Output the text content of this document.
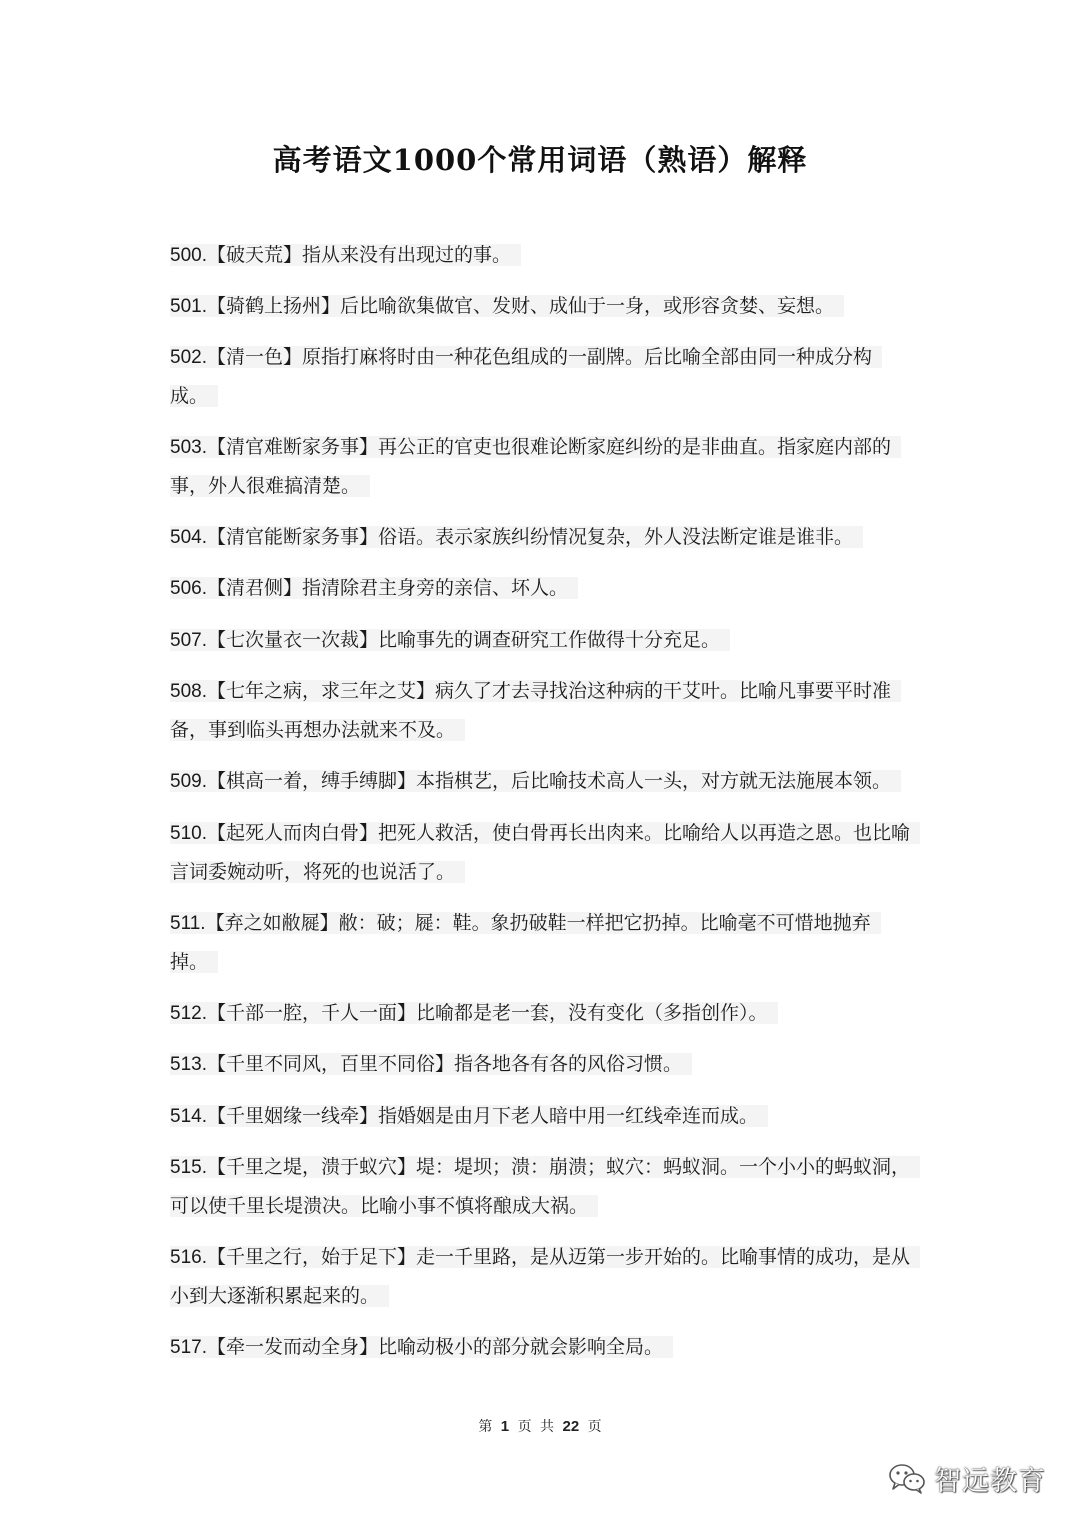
高考语文1000个常用词语（熟语）解释
500.【破天荒】指从来没有出现过的事。
501.【骑鹤上扬州】后比喻欲集做官、发财、成仙于一身，或形容贪婪、妄想。
502.【清一色】原指打麻将时由一种花色组成的一副牌。后比喻全部由同一种成分构成。
503.【清官难断家务事】再公正的官吏也很难论断家庭纠纷的是非曲直。指家庭内部的事，外人很难搞清楚。
504.【清官能断家务事】俗语。表示家族纠纷情况复杂，外人没法断定谁是谁非。
506.【清君侧】指清除君主身旁的亲信、坏人。
507.【七次量衣一次裁】比喻事先的调查研究工作做得十分充足。
508.【七年之病，求三年之艾】病久了才去寻找治这种病的干艾叶。比喻凡事要平时准备，事到临头再想办法就来不及。
509.【棋高一着，缚手缚脚】本指棋艺，后比喻技术高人一头，对方就无法施展本领。
510.【起死人而肉白骨】把死人救活，使白骨再长出肉来。比喻给人以再造之恩。也比喻言词委婉动听，将死的也说活了。
511.【弃之如敝屣】敝：破；屣：鞋。象扔破鞋一样把它扔掉。比喻毫不可惜地抛弃掉。
512.【千部一腔，千人一面】比喻都是老一套，没有变化（多指创作）。
513.【千里不同风，百里不同俗】指各地各有各的风俗习惯。
514.【千里姻缘一线牵】指婚姻是由月下老人暗中用一红线牵连而成。
515.【千里之堤，溃于蚁穴】堤：堤坝；溃：崩溃；蚁穴：蚂蚁洞。一个小小的蚂蚁洞，可以使千里长堤溃决。比喻小事不慎将酿成大祸。
516.【千里之行，始于足下】走一千里路，是从迈第一步开始的。比喻事情的成功，是从小到大逐渐积累起来的。
517.【牵一发而动全身】比喻动极小的部分就会影响全局。
第 1 页 共 22 页
智远教育
